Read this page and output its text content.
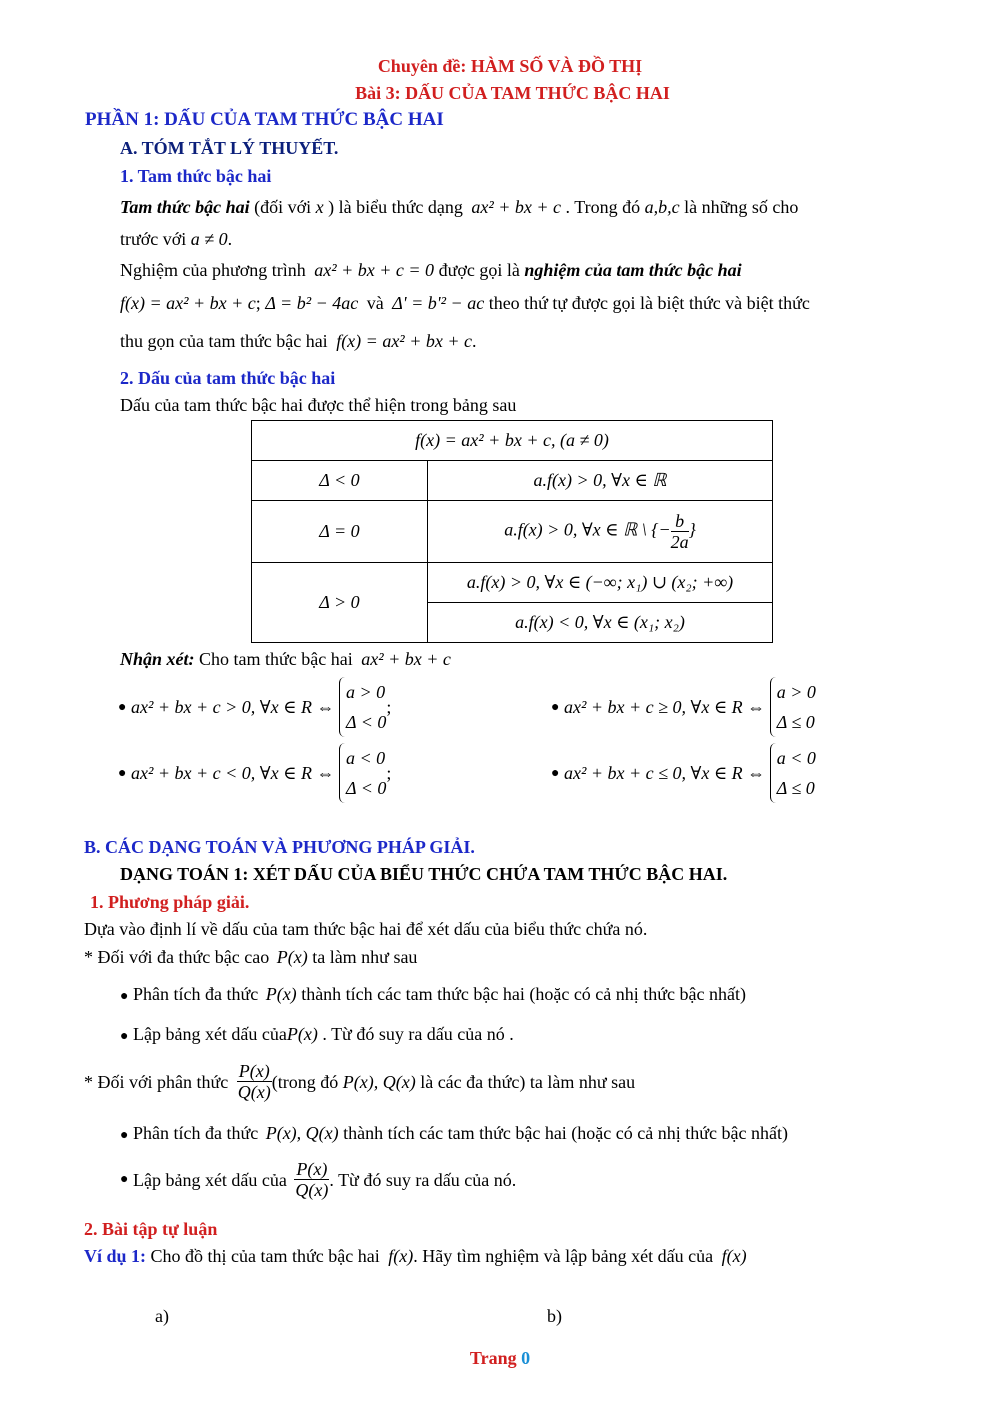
Chuyên đề: HÀM SỐ VÀ ĐỒ THỊ
Bài 3: DẤU CỦA TAM THỨC BẬC HAI
PHẦN 1: DẤU CỦA TAM THỨC BẬC HAI
A. TÓM TẮT LÝ THUYẾT.
1. Tam thức bậc hai
Tam thức bậc hai (đối với x ) là biểu thức dạng ax² + bx + c . Trong đó a,b,c là những số cho
trước với a ≠ 0.
Nghiệm của phương trình ax² + bx + c = 0 được gọi là nghiệm của tam thức bậc hai
f(x) = ax² + bx + c; Δ = b² − 4ac và Δ' = b'² − ac theo thứ tự được gọi là biệt thức và biệt thức
thu gọn của tam thức bậc hai f(x) = ax² + bx + c.
2. Dấu của tam thức bậc hai
Dấu của tam thức bậc hai được thể hiện trong bảng sau
f(x) = ax² + bx + c, (a ≠ 0)	
Δ < 0	a.f(x) > 0, ∀x ∈ ℝ
Δ = 0	a.f(x) > 0, ∀x ∈ ℝ \ {− $\frac{b}{2a}$ }
Δ > 0	a.f(x) > 0, ∀x ∈ (−∞; x₁) ∪ (x₂; +∞)
	a.f(x) < 0, ∀x ∈ (x₁; x₂)
Nhận xét: Cho tam thức bậc hai ax² + bx + c
● ax² + bx + c > 0, ∀x ∈ R ⇔
a > 0
Δ < 0
;	● ax² + bx + c ≥ 0, ∀x ∈ R ⇔
a > 0
Δ ≤ 0
● ax² + bx + c < 0, ∀x ∈ R ⇔
a < 0
Δ < 0
;	● ax² + bx + c ≤ 0, ∀x ∈ R ⇔
a < 0
Δ ≤ 0
B. CÁC DẠNG TOÁN VÀ PHƯƠNG PHÁP GIẢI.
DẠNG TOÁN 1: XÉT DẤU CỦA BIỂU THỨC CHỨA TAM THỨC BẬC HAI.
1. Phương pháp giải.
Dựa vào định lí về dấu của tam thức bậc hai để xét dấu của biểu thức chứa nó.
* Đối với đa thức bậc cao P(x) ta làm như sau
● Phân tích đa thức P(x) thành tích các tam thức bậc hai (hoặc có cả nhị thức bậc nhất)
● Lập bảng xét dấu củaP(x) . Từ đó suy ra dấu của nó .
* Đối với phân thức $\frac{P(x)}{Q(x)}$ (trong đó P(x), Q(x) là các đa thức) ta làm như sau
● Phân tích đa thức P(x), Q(x) thành tích các tam thức bậc hai (hoặc có cả nhị thức bậc nhất)
● Lập bảng xét dấu của $\frac{P(x)}{Q(x)}$ . Từ đó suy ra dấu của nó.
2. Bài tập tự luận
Ví dụ 1: Cho đồ thị của tam thức bậc hai f(x). Hãy tìm nghiệm và lập bảng xét dấu của f(x)
a)	b)
Trang 0
